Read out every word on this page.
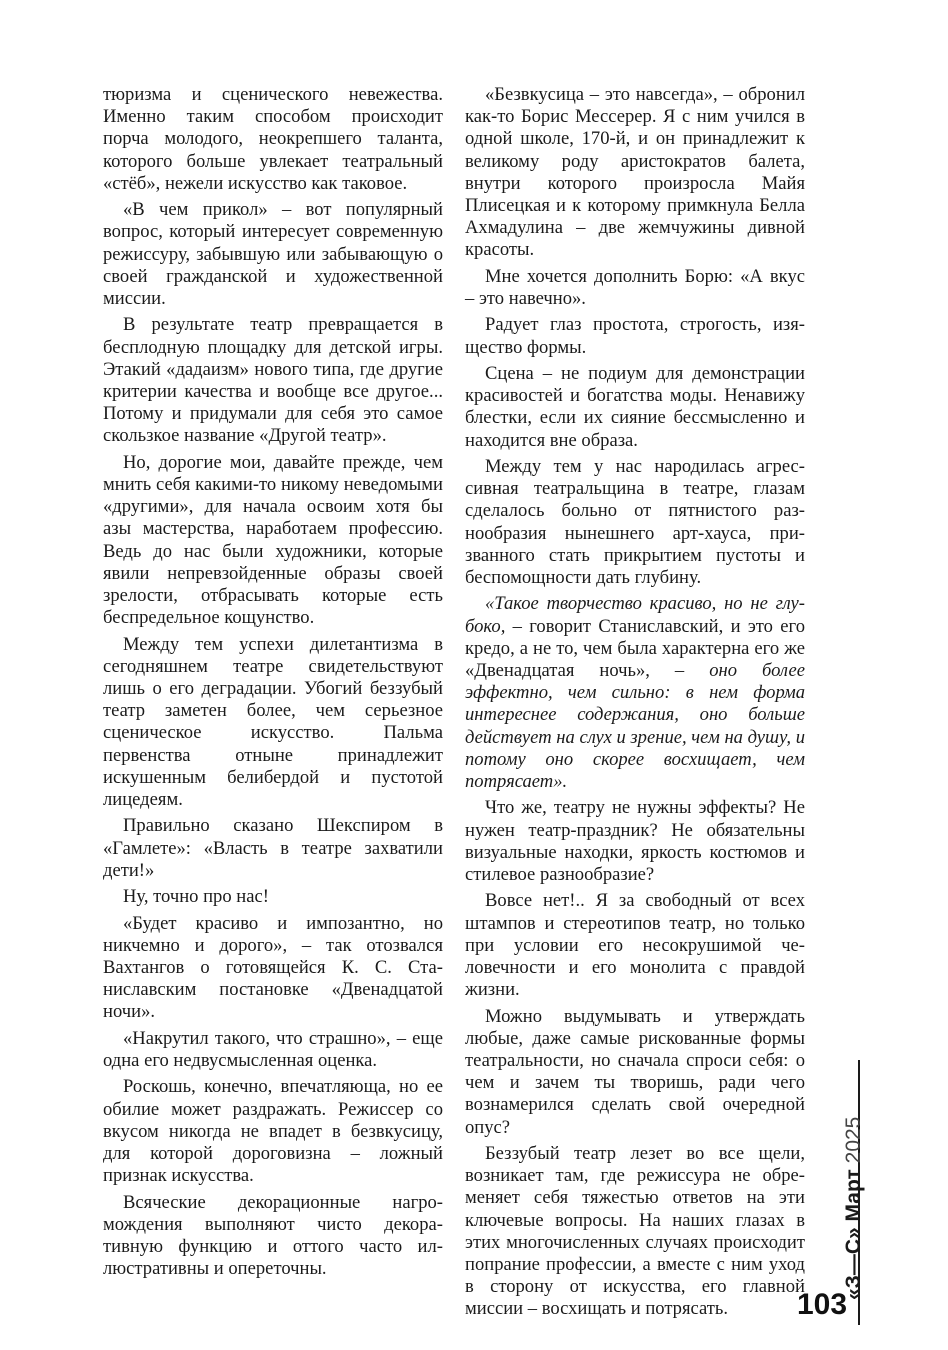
тюризма и сценического невежества. Именно таким способом происходит порча молодого, неокрепшего таланта, которого больше увлекает театральный «стёб», нежели искусство как таковое.

«В чем прикол» – вот популярный вопрос, который интересует современную режиссуру, забывшую или забывающую о своей гражданской и художественной миссии.

В результате театр превращается в бесплодную площадку для детской игры. Этакий «дадаизм» нового типа, где другие критерии качества и вообще все другое... Потому и придумали для себя это самое скользкое название «Другой театр».

Но, дорогие мои, давайте прежде, чем мнить себя какими-то никому неведомыми «другими», для начала освоим хотя бы азы мастерства, наработаем профессию. Ведь до нас были художники, которые явили непревзойденные образы своей зрелости, отбрасывать которые есть беспредельное кощунство.

Между тем успехи дилетантизма в сегодняшнем театре свидетельствуют лишь о его деградации. Убогий беззубый театр заметен более, чем серьезное сценическое искусство. Пальма первенства отныне принадлежит искушенным белибердой и пустотой лицедеям.

Правильно сказано Шекспиром в «Гамлете»: «Власть в театре захватили дети!»

Ну, точно про нас!

«Будет красиво и импозантно, но никчемно и дорого», – так отозвался Вахтангов о готовящейся К. С. Станиславским постановке «Двенадцатой ночи».

«Накрутил такого, что страшно», – еще одна его недвусмысленная оценка.

Роскошь, конечно, впечатляюща, но ее обилие может раздражать. Режиссер со вкусом никогда не впадет в безвкусицу, для которой дороговизна – ложный признак искусства.

Всяческие декорационные нагромождения выполняют чисто декоративную функцию и оттого часто иллюстративны и опереточны.

«Безвкусица – это навсегда», – обронил как-то Борис Мессерер. Я с ним учился в одной школе, 170-й, и он принадлежит к великому роду аристократов балета, внутри которого произросла Майя Плисецкая и к которому примкнула Белла Ахмадулина – две жемчужины дивной красоты.

Мне хочется дополнить Борю: «А вкус – это навечно».

Радует глаз простота, строгость, изящество формы.

Сцена – не подиум для демонстрации красивостей и богатства моды. Ненавижу блестки, если их сияние бессмысленно и находится вне образа.

Между тем у нас народилась агрессивная театральщина в театре, глазам сделалось больно от пятнистого разнообразия нынешнего арт-хауса, призванного стать прикрытием пустоты и беспомощности дать глубину.

«Такое творчество красиво, но не глубоко, – говорит Станиславский, и это его кредо, а не то, чем была характерна его же «Двенадцатая ночь», – оно более эффектно, чем сильно: в нем форма интереснее содержания, оно больше действует на слух и зрение, чем на душу, и потому оно скорее восхищает, чем потрясает».

Что же, театру не нужны эффекты? Не нужен театр-праздник? Не обязательны визуальные находки, яркость костюмов и стилевое разнообразие?

Вовсе нет!.. Я за свободный от всех штампов и стереотипов театр, но только при условии его несокрушимой человечности и его монолита с правдой жизни.

Можно выдумывать и утверждать любые, даже самые рискованные формы театральности, но сначала спроси себя: о чем и зачем ты творишь, ради чего вознамерился сделать свой очередной опус?

Беззубый театр лезет во все щели, возникает там, где режиссура не обременяет себя тяжестью ответов на эти ключевые вопросы. На наших глазах в этих многочисленных случаях происходит попрание профессии, а вместе с ним уход в сторону от искусства, его главной миссии – восхищать и потрясать.

«З—С» Март 2025
103
